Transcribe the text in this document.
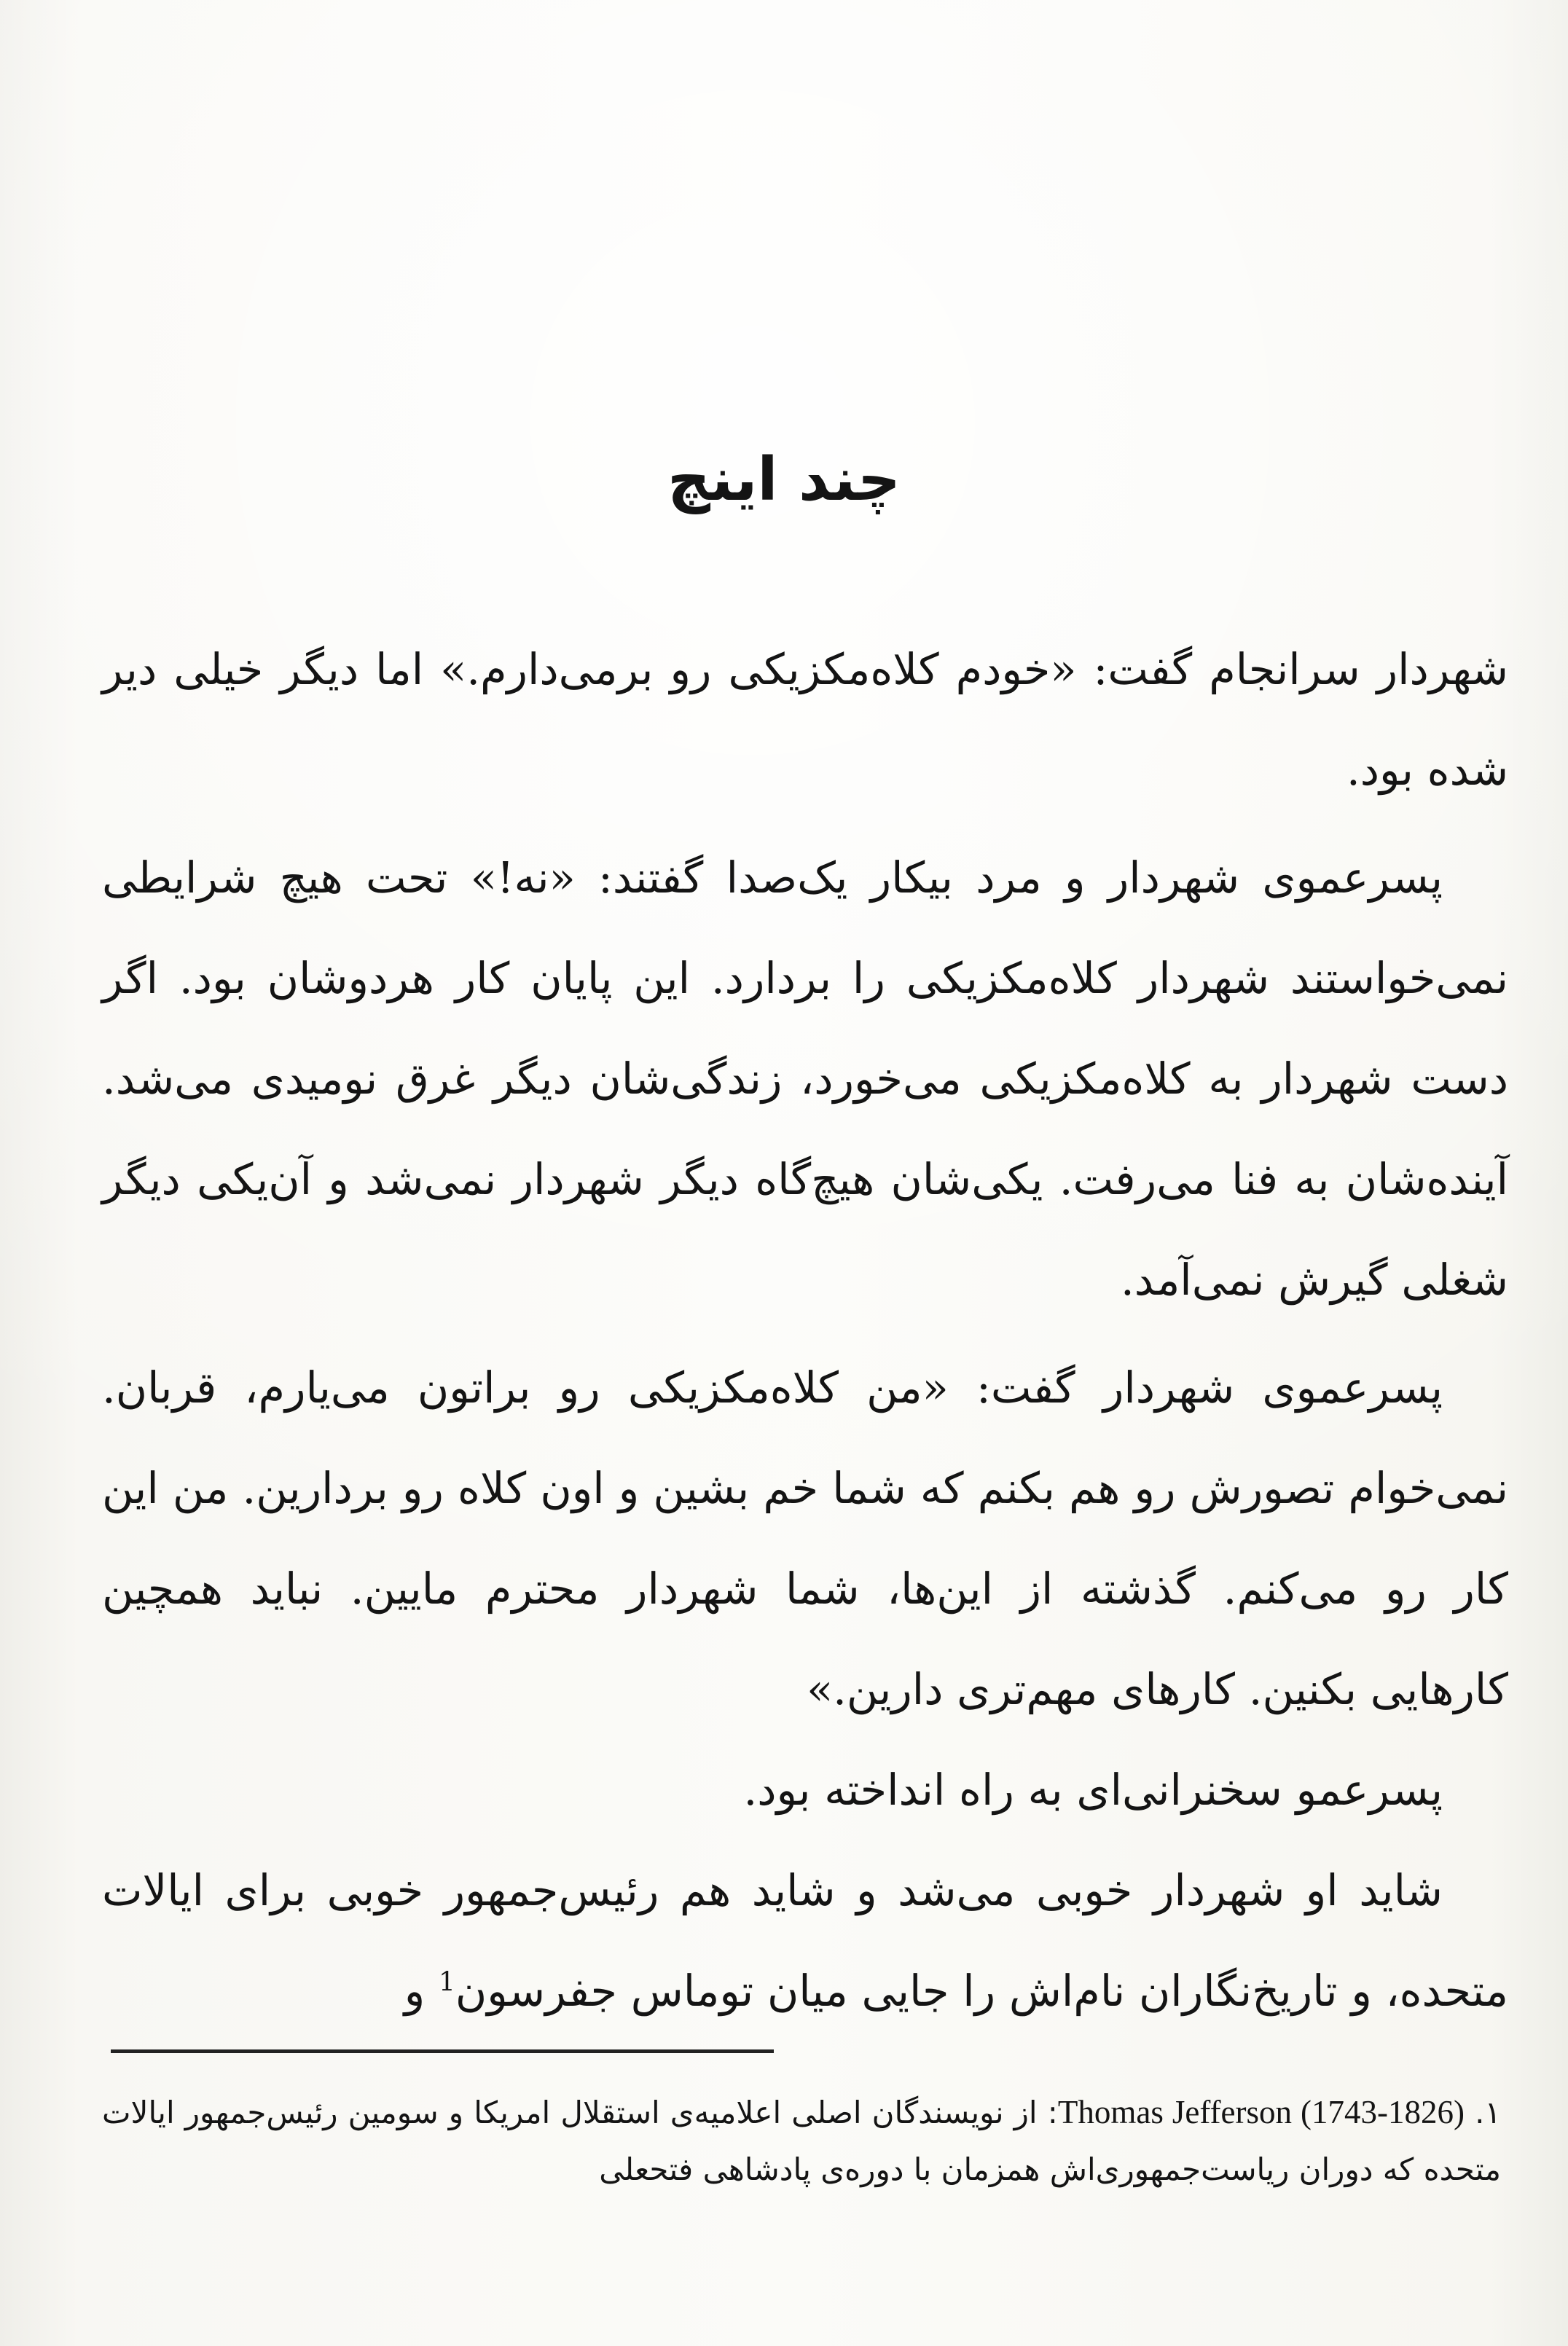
چند اینچ

شهردار سرانجام گفت: «خودم کلاه‌مکزیکی رو برمی‌دارم.» اما دیگر خیلی دیر شده بود.

پسرعموی شهردار و مرد بیکار یک‌صدا گفتند: «نه!» تحت هیچ شرایطی نمی‌خواستند شهردار کلاه‌مکزیکی را بردارد. این پایان کار هردوشان بود. اگر دست شهردار به کلاه‌مکزیکی می‌خورد، زندگی‌شان دیگر غرق نومیدی می‌شد. آینده‌شان به فنا می‌رفت. یکی‌شان هیچ‌گاه دیگر شهردار نمی‌شد و آن‌یکی دیگر شغلی گیرش نمی‌آمد.

پسرعموی شهردار گفت: «من کلاه‌مکزیکی رو براتون می‌یارم، قربان. نمی‌خوام تصورش رو هم بکنم که شما خم بشین و اون کلاه رو بردارین. من این کار رو می‌کنم. گذشته از این‌ها، شما شهردار محترم مایین. نباید همچین کارهایی بکنین. کارهای مهم‌تری دارین.»

پسرعمو سخنرانی‌ای به راه انداخته بود.

شاید او شهردار خوبی می‌شد و شاید هم رئیس‌جمهور خوبی برای ایالات متحده، و تاریخ‌نگاران نام‌اش را جایی میان توماس جفرسون$^1$ و

۱. Thomas Jefferson (1743-1826): از نویسندگان اصلی اعلامیه‌ی استقلال امریکا و سومین رئیس‌جمهور ایالات متحده که دوران ریاست‌جمهوری‌اش همزمان با دوره‌ی پادشاهی فتحعلی
